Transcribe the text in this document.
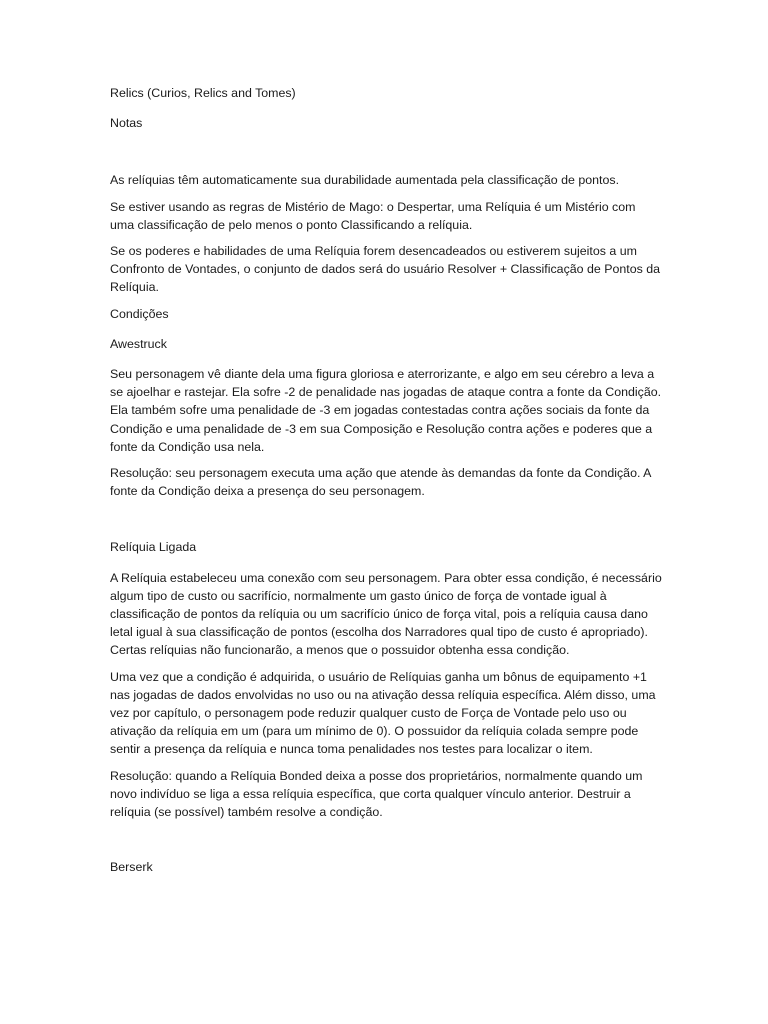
Relics (Curios, Relics and Tomes)

Notas

As relíquias têm automaticamente sua durabilidade aumentada pela classificação de pontos.

Se estiver usando as regras de Mistério de Mago: o Despertar, uma Relíquia é um Mistério com uma classificação de pelo menos o ponto Classificando a relíquia.

Se os poderes e habilidades de uma Relíquia forem desencadeados ou estiverem sujeitos a um Confronto de Vontades, o conjunto de dados será do usuário Resolver + Classificação de Pontos da Relíquia.

Condições

Awestruck

Seu personagem vê diante dela uma figura gloriosa e aterrorizante, e algo em seu cérebro a leva a se ajoelhar e rastejar. Ela sofre -2 de penalidade nas jogadas de ataque contra a fonte da Condição. Ela também sofre uma penalidade de -3 em jogadas contestadas contra ações sociais da fonte da Condição e uma penalidade de -3 em sua Composição e Resolução contra ações e poderes que a fonte da Condição usa nela.

Resolução: seu personagem executa uma ação que atende às demandas da fonte da Condição. A fonte da Condição deixa a presença do seu personagem.

Relíquia Ligada

A Relíquia estabeleceu uma conexão com seu personagem. Para obter essa condição, é necessário algum tipo de custo ou sacrifício, normalmente um gasto único de força de vontade igual à classificação de pontos da relíquia ou um sacrifício único de força vital, pois a relíquia causa dano letal igual à sua classificação de pontos (escolha dos Narradores qual tipo de custo é apropriado). Certas relíquias não funcionarão, a menos que o possuidor obtenha essa condição.

Uma vez que a condição é adquirida, o usuário de Relíquias ganha um bônus de equipamento +1 nas jogadas de dados envolvidas no uso ou na ativação dessa relíquia específica. Além disso, uma vez por capítulo, o personagem pode reduzir qualquer custo de Força de Vontade pelo uso ou ativação da relíquia em um (para um mínimo de 0). O possuidor da relíquia colada sempre pode sentir a presença da relíquia e nunca toma penalidades nos testes para localizar o item.

Resolução: quando a Relíquia Bonded deixa a posse dos proprietários, normalmente quando um novo indivíduo se liga a essa relíquia específica, que corta qualquer vínculo anterior. Destruir a relíquia (se possível) também resolve a condição.

Berserk
